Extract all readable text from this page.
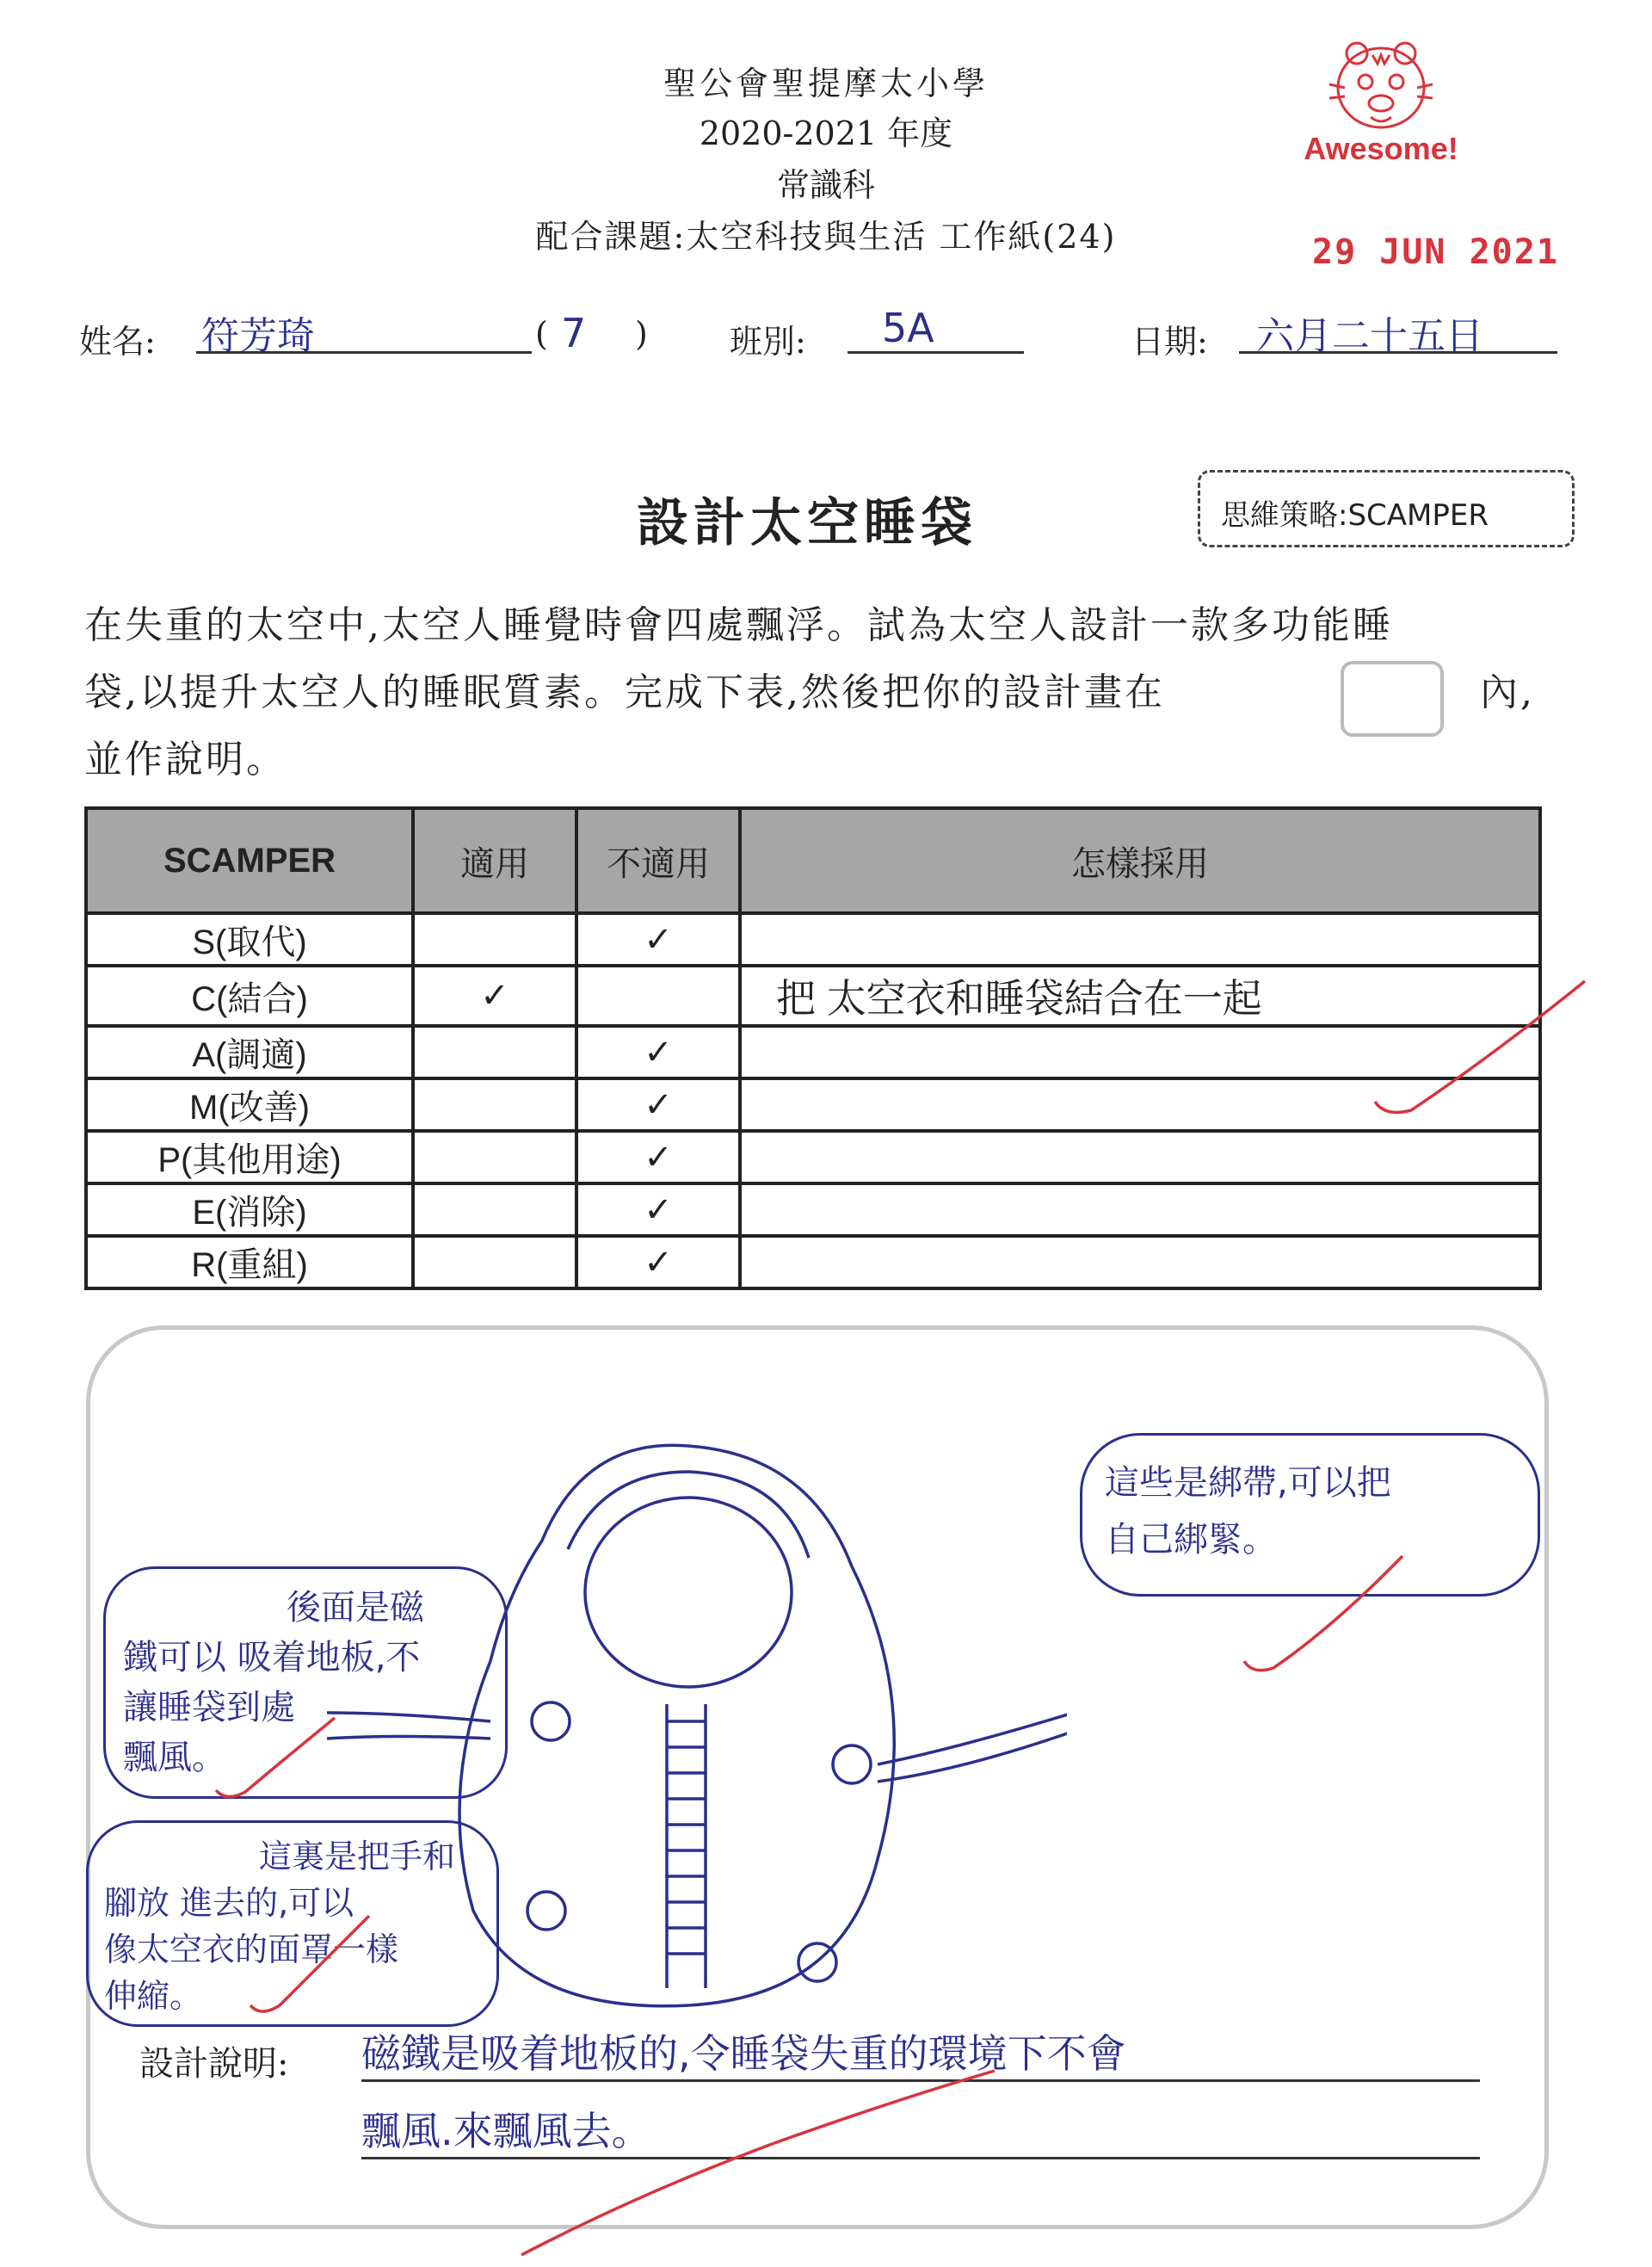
聖公會聖提摩太小學
2020-2021 年度
常識科
配合課題:太空科技與生活 工作紙(24)
Awesome!
29 JUN 2021
姓名: 符芳琦	( 7 )	班別:	5A	日期:	六月二十五日
設計太空睡袋	思維策略:SCAMPER
在失重的太空中,太空人睡覺時會四處飄浮。試為太空人設計一款多功能睡
袋,以提升太空人的睡眠質素。完成下表,然後把你的設計畫在	內,
並作說明。
SCAMPER	適用	不適用	怎樣採用
S(取代)		✓	
C(結合)	✓		把 太空衣和睡袋結合在一起
A(調適)		✓	
M(改善)		✓	
P(其他用途)		✓	
E(消除)		✓	
R(重組)		✓	
後面是磁
鐵可以 吸着地板,不
讓睡袋到處
飄風。
這裏是把手和
腳放 進去的,可以
像太空衣的面罩一樣
伸縮。
這些是綁帶,可以把
自己綁緊。
設計說明: 磁鐵是吸着地板的,令睡袋失重的環境下不會
飄風.來飄風去。
